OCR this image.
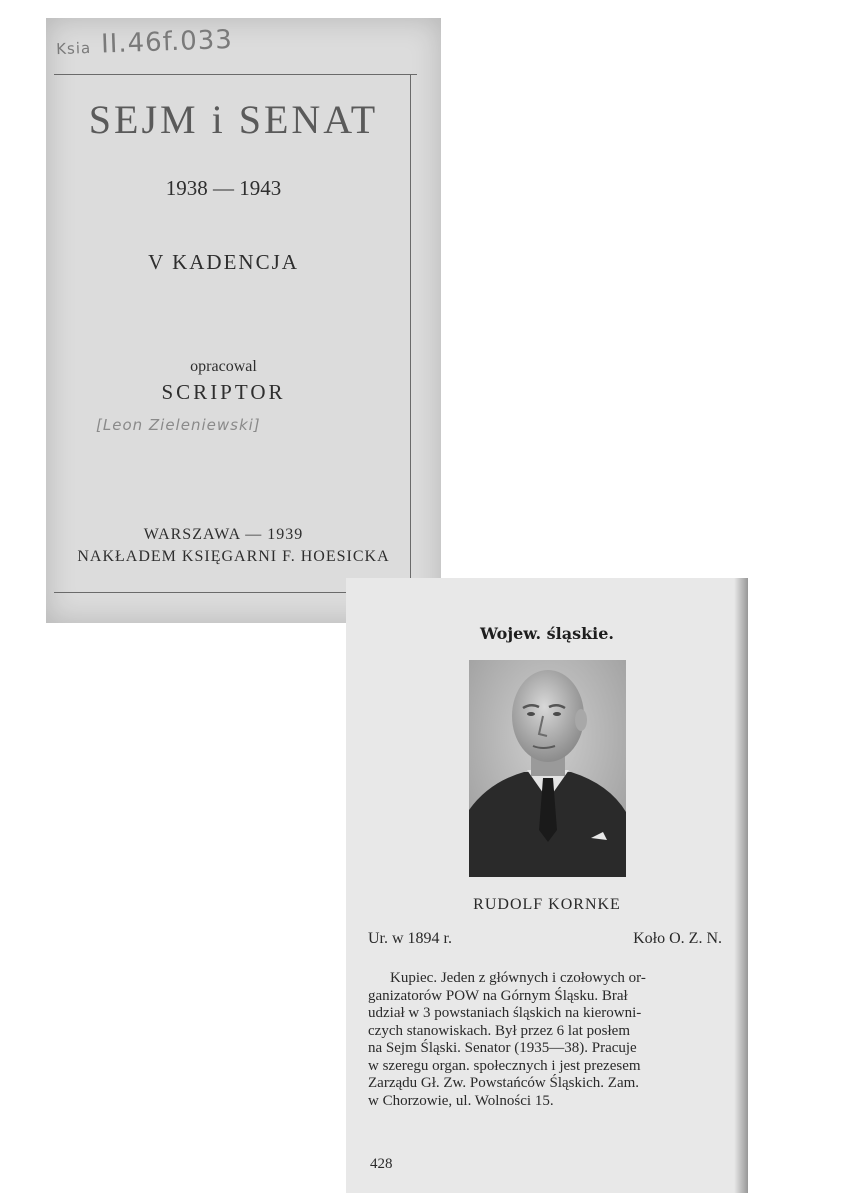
Ksia II.46f.033
SEJM i SENAT
1938 — 1943
V KADENCJA
opracowal
SCRIPTOR
[Leon Zieleniewski]
WARSZAWA — 1939
NAKŁADEM KSIĘGARNI F. HOESICKA
Wojew. śląskie.
RUDOLF KORNKE
Ur. w 1894 r.	Koło O. Z. N.
Kupiec. Jeden z głównych i czołowych or-
ganizatorów POW na Górnym Śląsku. Brał
udział w 3 powstaniach śląskich na kierowni-
czych stanowiskach. Był przez 6 lat posłem
na Sejm Śląski. Senator (1935—38). Pracuje
w szeregu organ. społecznych i jest prezesem
Zarządu Gł. Zw. Powstańców Śląskich. Zam.
w Chorzowie, ul. Wolności 15.
428
